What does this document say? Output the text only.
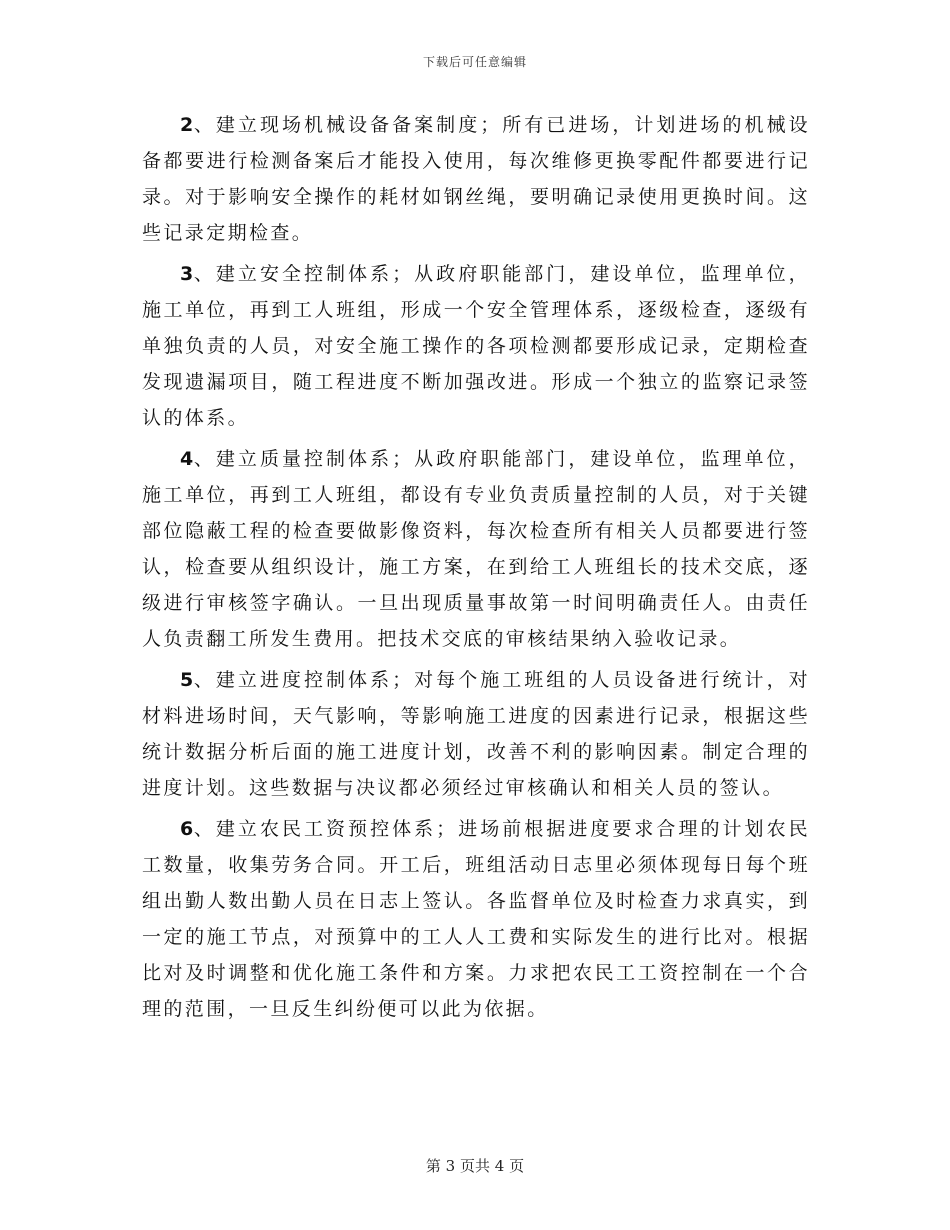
下载后可任意编辑

2、建立现场机械设备备案制度；所有已进场，计划进场的机械设备都要进行检测备案后才能投入使用，每次维修更换零配件都要进行记录。对于影响安全操作的耗材如钢丝绳，要明确记录使用更换时间。这些记录定期检查。

3、建立安全控制体系；从政府职能部门，建设单位，监理单位，施工单位，再到工人班组，形成一个安全管理体系，逐级检查，逐级有单独负责的人员，对安全施工操作的各项检测都要形成记录，定期检查发现遗漏项目，随工程进度不断加强改进。形成一个独立的监察记录签认的体系。

4、建立质量控制体系；从政府职能部门，建设单位，监理单位，施工单位，再到工人班组，都设有专业负责质量控制的人员，对于关键部位隐蔽工程的检查要做影像资料，每次检查所有相关人员都要进行签认，检查要从组织设计，施工方案，在到给工人班组长的技术交底，逐级进行审核签字确认。一旦出现质量事故第一时间明确责任人。由责任人负责翻工所发生费用。把技术交底的审核结果纳入验收记录。

5、建立进度控制体系；对每个施工班组的人员设备进行统计，对材料进场时间，天气影响，等影响施工进度的因素进行记录，根据这些统计数据分析后面的施工进度计划，改善不利的影响因素。制定合理的进度计划。这些数据与决议都必须经过审核确认和相关人员的签认。

6、建立农民工资预控体系；进场前根据进度要求合理的计划农民工数量，收集劳务合同。开工后，班组活动日志里必须体现每日每个班组出勤人数出勤人员在日志上签认。各监督单位及时检查力求真实，到一定的施工节点，对预算中的工人人工费和实际发生的进行比对。根据比对及时调整和优化施工条件和方案。力求把农民工工资控制在一个合理的范围，一旦反生纠纷便可以此为依据。

第 3 页共 4 页
